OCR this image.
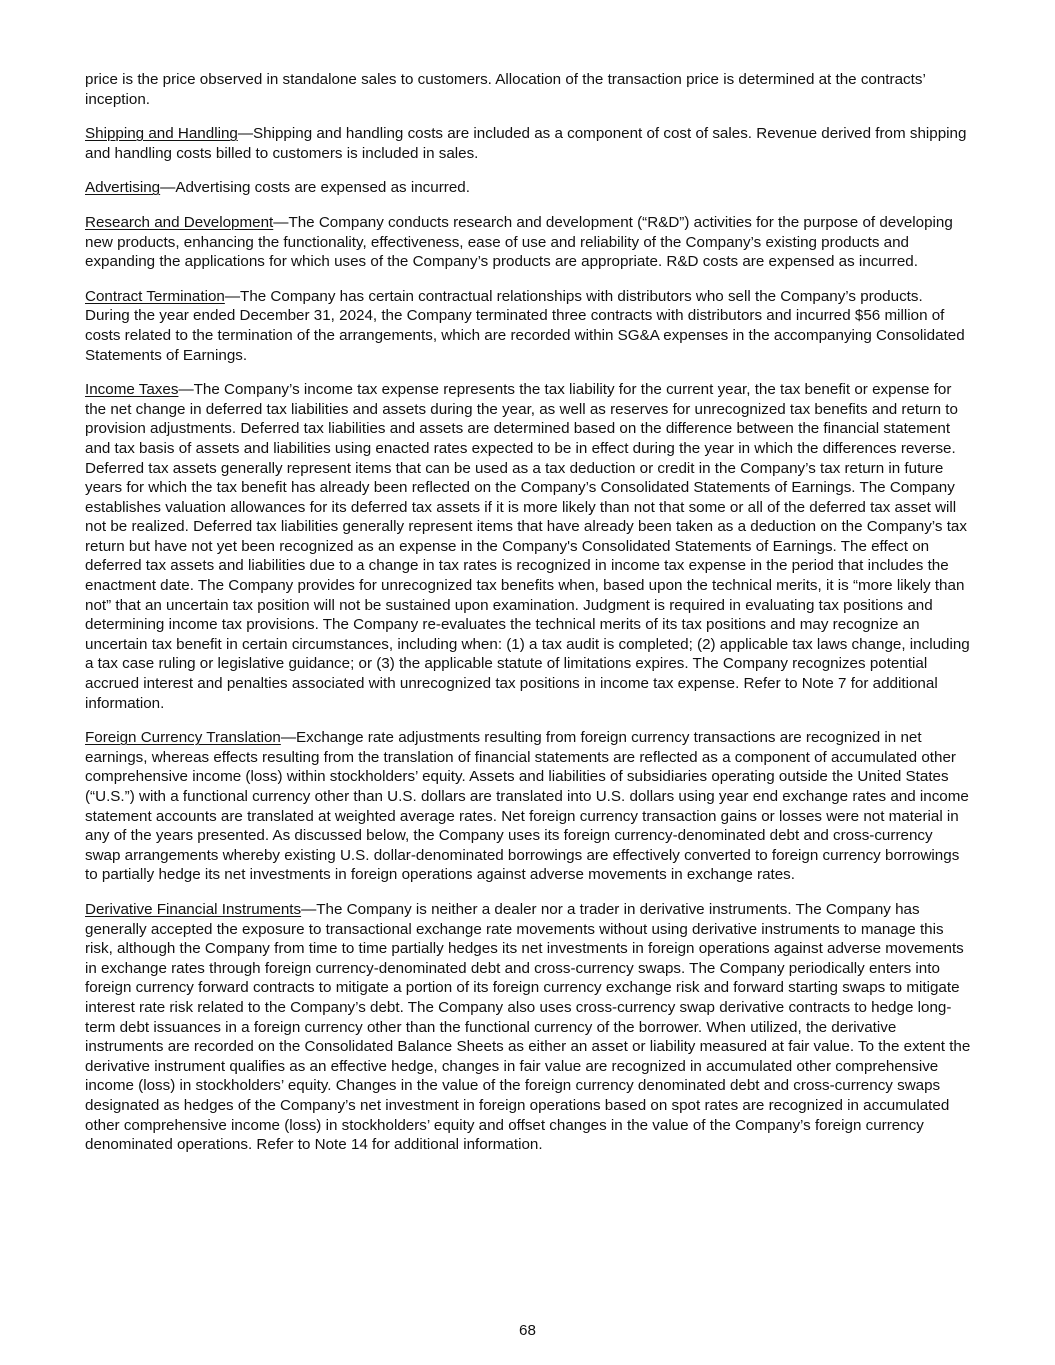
price is the price observed in standalone sales to customers. Allocation of the transaction price is determined at the contracts’ inception.

Shipping and Handling—Shipping and handling costs are included as a component of cost of sales. Revenue derived from shipping and handling costs billed to customers is included in sales.

Advertising—Advertising costs are expensed as incurred.

Research and Development—The Company conducts research and development (“R&D”) activities for the purpose of developing new products, enhancing the functionality, effectiveness, ease of use and reliability of the Company’s existing products and expanding the applications for which uses of the Company’s products are appropriate. R&D costs are expensed as incurred.

Contract Termination—The Company has certain contractual relationships with distributors who sell the Company’s products. During the year ended December 31, 2024, the Company terminated three contracts with distributors and incurred $56 million of costs related to the termination of the arrangements, which are recorded within SG&A expenses in the accompanying Consolidated Statements of Earnings.

Income Taxes—The Company’s income tax expense represents the tax liability for the current year, the tax benefit or expense for the net change in deferred tax liabilities and assets during the year, as well as reserves for unrecognized tax benefits and return to provision adjustments. Deferred tax liabilities and assets are determined based on the difference between the financial statement and tax basis of assets and liabilities using enacted rates expected to be in effect during the year in which the differences reverse. Deferred tax assets generally represent items that can be used as a tax deduction or credit in the Company’s tax return in future years for which the tax benefit has already been reflected on the Company’s Consolidated Statements of Earnings. The Company establishes valuation allowances for its deferred tax assets if it is more likely than not that some or all of the deferred tax asset will not be realized. Deferred tax liabilities generally represent items that have already been taken as a deduction on the Company’s tax return but have not yet been recognized as an expense in the Company's Consolidated Statements of Earnings. The effect on deferred tax assets and liabilities due to a change in tax rates is recognized in income tax expense in the period that includes the enactment date. The Company provides for unrecognized tax benefits when, based upon the technical merits, it is “more likely than not” that an uncertain tax position will not be sustained upon examination. Judgment is required in evaluating tax positions and determining income tax provisions. The Company re-evaluates the technical merits of its tax positions and may recognize an uncertain tax benefit in certain circumstances, including when: (1) a tax audit is completed; (2) applicable tax laws change, including a tax case ruling or legislative guidance; or (3) the applicable statute of limitations expires. The Company recognizes potential accrued interest and penalties associated with unrecognized tax positions in income tax expense. Refer to Note 7 for additional information.

Foreign Currency Translation—Exchange rate adjustments resulting from foreign currency transactions are recognized in net earnings, whereas effects resulting from the translation of financial statements are reflected as a component of accumulated other comprehensive income (loss) within stockholders’ equity. Assets and liabilities of subsidiaries operating outside the United States (“U.S.”) with a functional currency other than U.S. dollars are translated into U.S. dollars using year end exchange rates and income statement accounts are translated at weighted average rates. Net foreign currency transaction gains or losses were not material in any of the years presented. As discussed below, the Company uses its foreign currency-denominated debt and cross-currency swap arrangements whereby existing U.S. dollar-denominated borrowings are effectively converted to foreign currency borrowings to partially hedge its net investments in foreign operations against adverse movements in exchange rates.

Derivative Financial Instruments—The Company is neither a dealer nor a trader in derivative instruments. The Company has generally accepted the exposure to transactional exchange rate movements without using derivative instruments to manage this risk, although the Company from time to time partially hedges its net investments in foreign operations against adverse movements in exchange rates through foreign currency-denominated debt and cross-currency swaps. The Company periodically enters into foreign currency forward contracts to mitigate a portion of its foreign currency exchange risk and forward starting swaps to mitigate interest rate risk related to the Company’s debt. The Company also uses cross-currency swap derivative contracts to hedge long-term debt issuances in a foreign currency other than the functional currency of the borrower. When utilized, the derivative instruments are recorded on the Consolidated Balance Sheets as either an asset or liability measured at fair value. To the extent the derivative instrument qualifies as an effective hedge, changes in fair value are recognized in accumulated other comprehensive income (loss) in stockholders’ equity. Changes in the value of the foreign currency denominated debt and cross-currency swaps designated as hedges of the Company’s net investment in foreign operations based on spot rates are recognized in accumulated other comprehensive income (loss) in stockholders’ equity and offset changes in the value of the Company’s foreign currency denominated operations. Refer to Note 14 for additional information.

68
